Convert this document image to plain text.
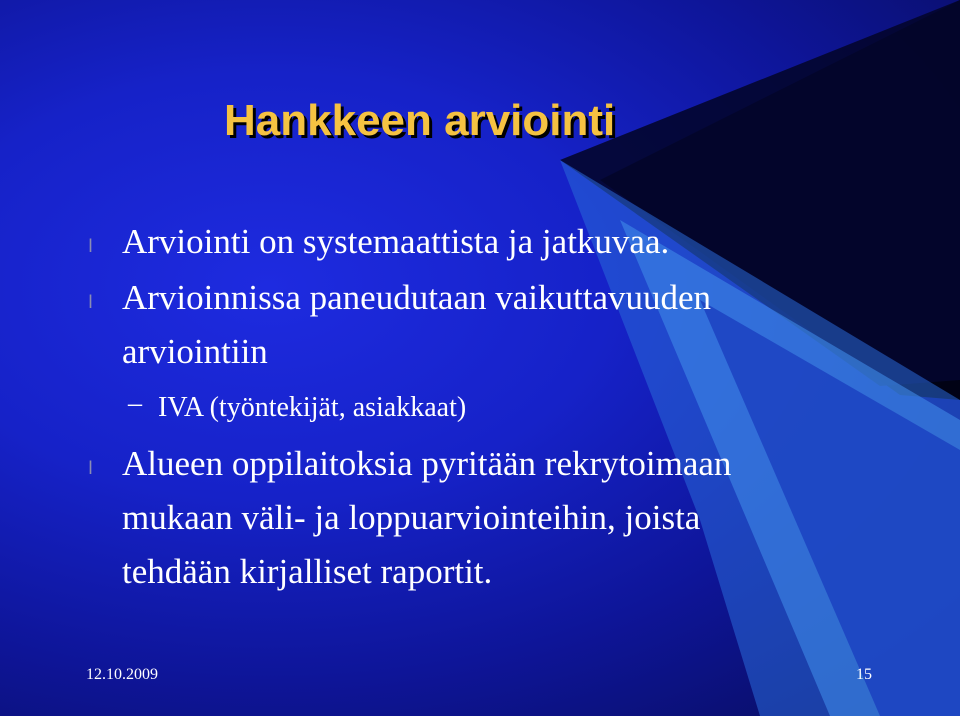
Hankkeen arviointi
l Arviointi on systemaattista ja jatkuvaa.
l Arvioinnissa paneudutaan vaikuttavuuden
arviointiin
– IVA (työntekijät, asiakkaat)
l Alueen oppilaitoksia pyritään rekrytoimaan
mukaan väli- ja loppuarviointeihin, joista
tehdään kirjalliset raportit.
12.10.2009	15
